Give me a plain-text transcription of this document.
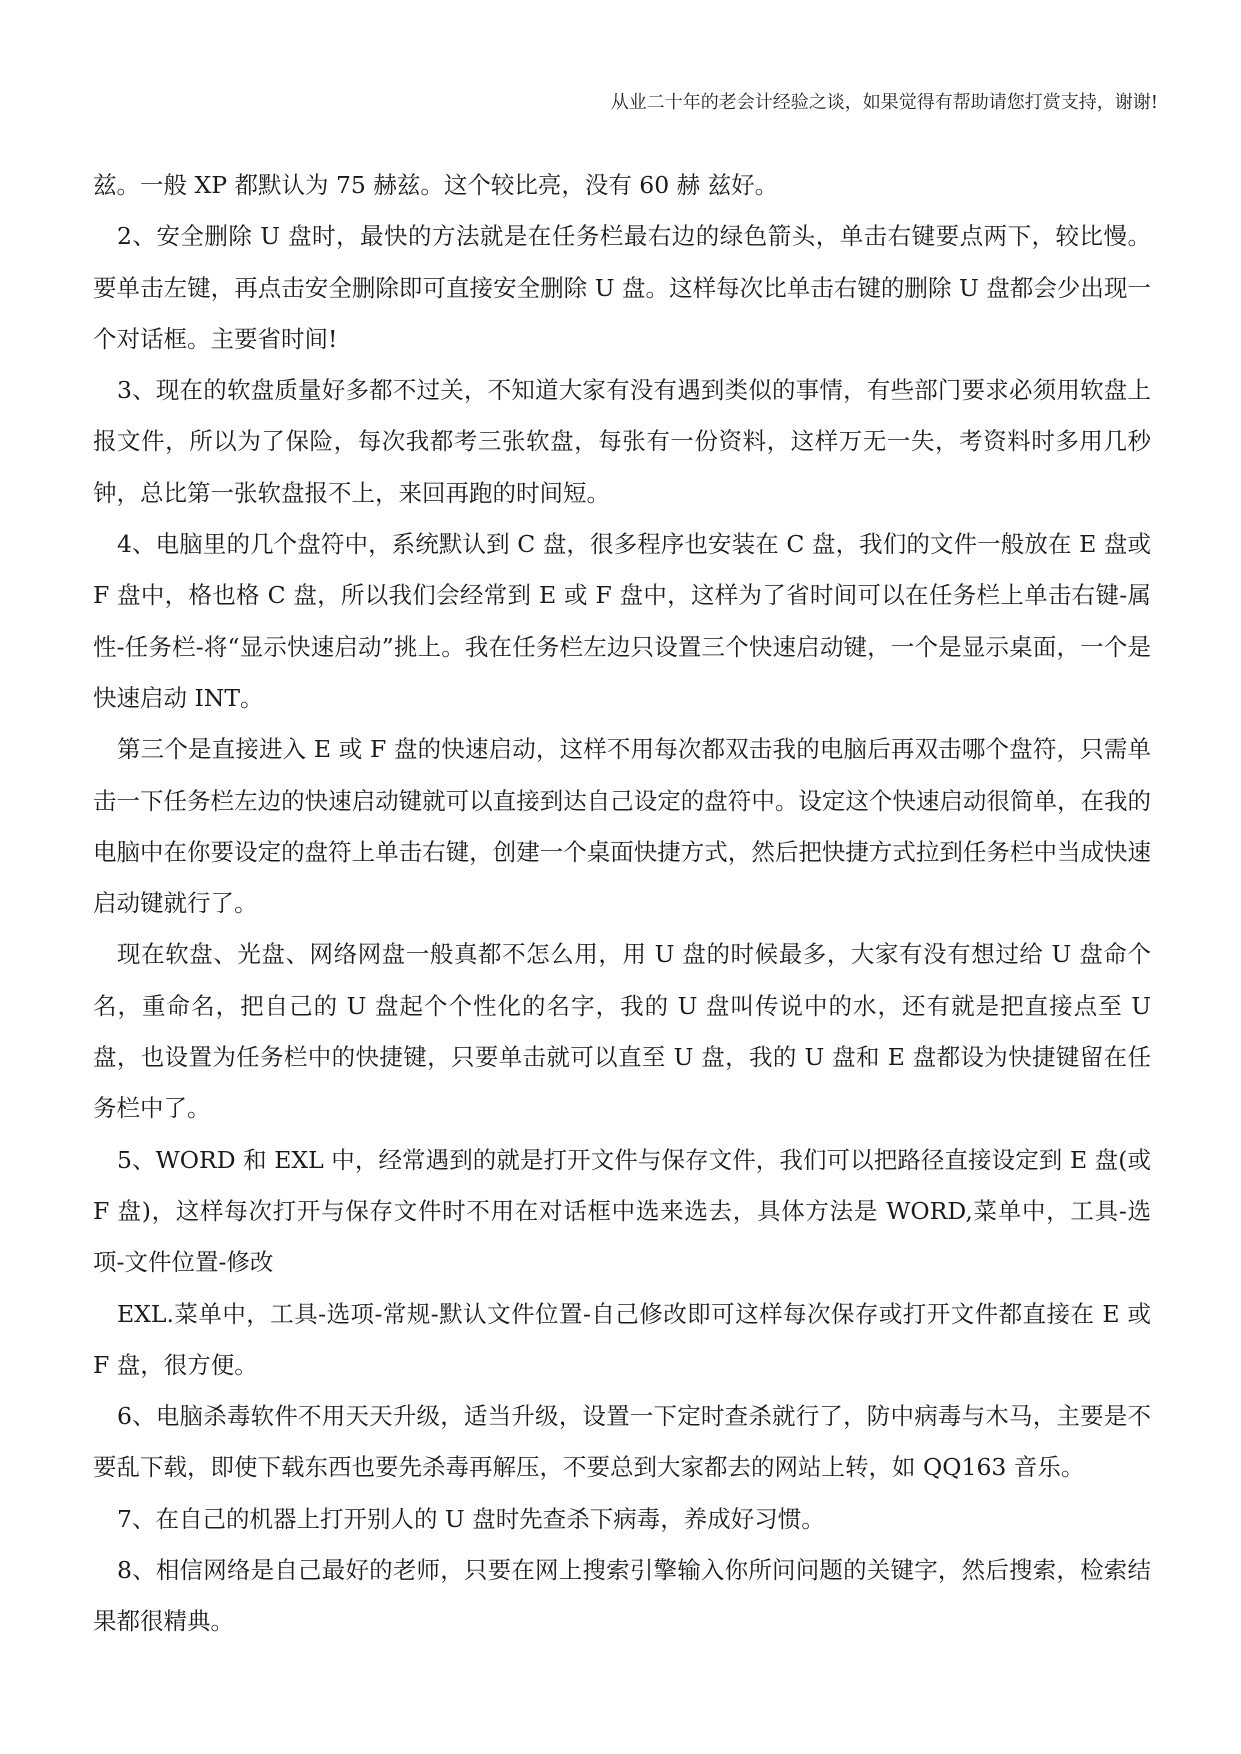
从业二十年的老会计经验之谈，如果觉得有帮助请您打赏支持，谢谢!

兹。一般 XP 都默认为 75 赫兹。这个较比亮，没有 60 赫 兹好。

2、安全删除 U 盘时，最快的方法就是在任务栏最右边的绿色箭头，单击右键要点两下，较比慢。要单击左键，再点击安全删除即可直接安全删除 U 盘。这样每次比单击右键的删除 U 盘都会少出现一个对话框。主要省时间!

3、现在的软盘质量好多都不过关，不知道大家有没有遇到类似的事情，有些部门要求必须用软盘上报文件，所以为了保险，每次我都考三张软盘，每张有一份资料，这样万无一失，考资料时多用几秒钟，总比第一张软盘报不上，来回再跑的时间短。

4、电脑里的几个盘符中，系统默认到 C 盘，很多程序也安装在 C 盘，我们的文件一般放在 E 盘或 F 盘中，格也格 C 盘，所以我们会经常到 E 或 F 盘中，这样为了省时间可以在任务栏上单击右键-属性-任务栏-将“显示快速启动”挑上。我在任务栏左边只设置三个快速启动键，一个是显示桌面，一个是快速启动 INT。

第三个是直接进入 E 或 F 盘的快速启动，这样不用每次都双击我的电脑后再双击哪个盘符，只需单击一下任务栏左边的快速启动键就可以直接到达自己设定的盘符中。设定这个快速启动很简单，在我的电脑中在你要设定的盘符上单击右键，创建一个桌面快捷方式，然后把快捷方式拉到任务栏中当成快速启动键就行了。

现在软盘、光盘、网络网盘一般真都不怎么用，用 U 盘的时候最多，大家有没有想过给 U 盘命个名，重命名，把自己的 U 盘起个个性化的名字，我的 U 盘叫传说中的水，还有就是把直接点至 U 盘，也设置为任务栏中的快捷键，只要单击就可以直至 U 盘，我的 U 盘和 E 盘都设为快捷键留在任务栏中了。

5、WORD 和 EXL 中，经常遇到的就是打开文件与保存文件，我们可以把路径直接设定到 E 盘(或 F 盘)，这样每次打开与保存文件时不用在对话框中选来选去，具体方法是 WORD,菜单中，工具-选项-文件位置-修改

EXL.菜单中，工具-选项-常规-默认文件位置-自己修改即可这样每次保存或打开文件都直接在 E 或 F 盘，很方便。

6、电脑杀毒软件不用天天升级，适当升级，设置一下定时查杀就行了，防中病毒与木马，主要是不要乱下载，即使下载东西也要先杀毒再解压，不要总到大家都去的网站上转，如 QQ163 音乐。

7、在自己的机器上打开别人的 U 盘时先查杀下病毒，养成好习惯。

8、相信网络是自己最好的老师，只要在网上搜索引擎输入你所问问题的关键字，然后搜索，检索结果都很精典。
